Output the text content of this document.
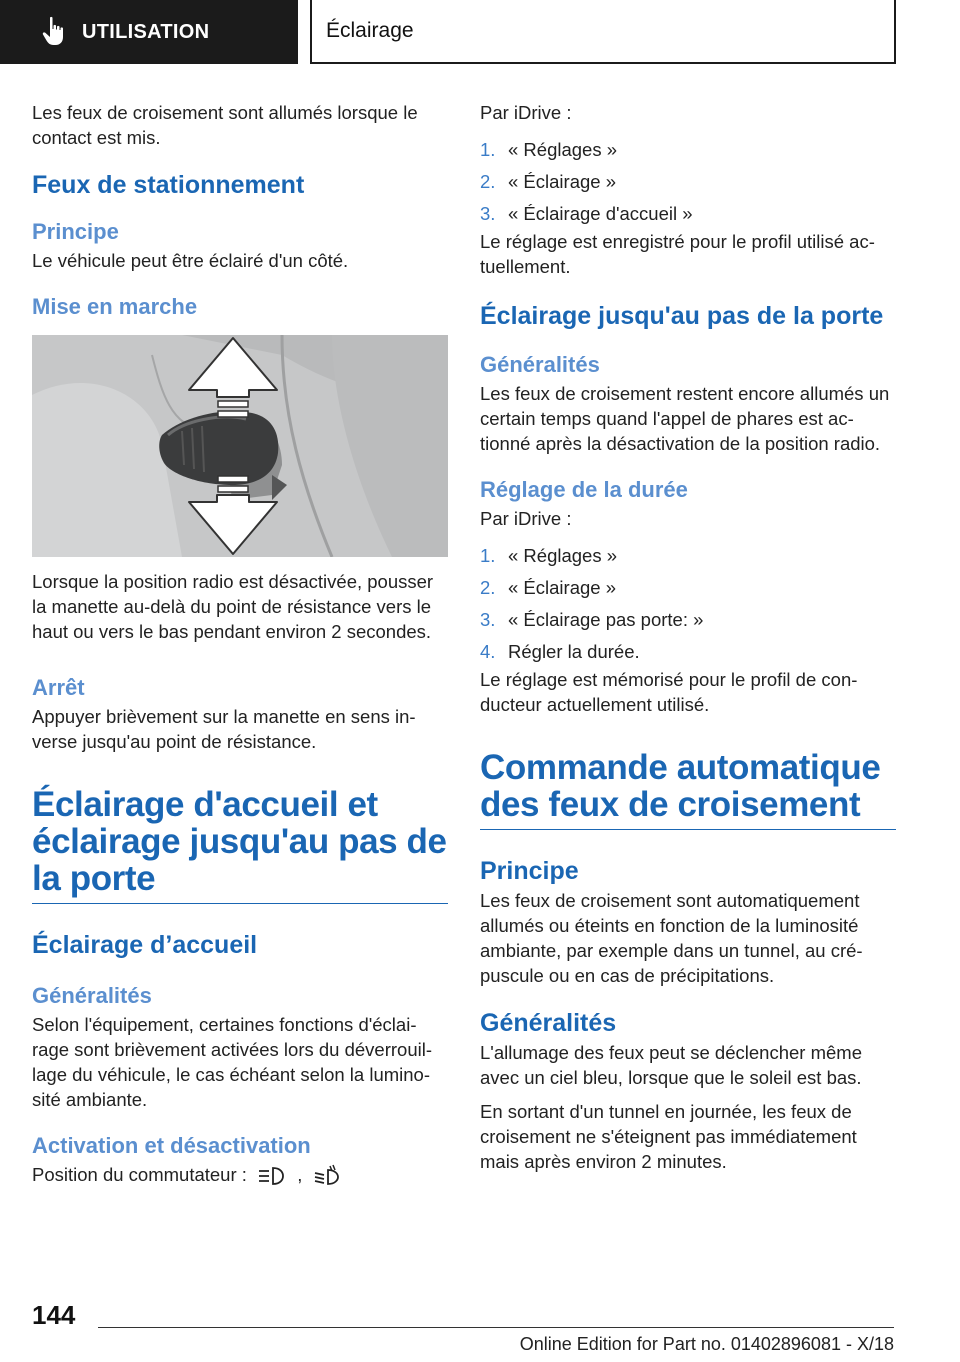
UTILISATION	Éclairage

Les feux de croisement sont allumés lorsque le contact est mis.

Feux de stationnement
Principe

Le véhicule peut être éclairé d'un côté.

Mise en marche

Lorsque la position radio est désactivée, pousser la manette au-delà du point de résistance vers le haut ou vers le bas pendant environ 2 secondes.

Arrêt

Appuyer brièvement sur la manette en sens in-verse jusqu'au point de résistance.

Éclairage d'accueil et éclairage jusqu'au pas de la porte
Éclairage d’accueil
Généralités

Selon l'équipement, certaines fonctions d'éclai-rage sont brièvement activées lors du déverrouil-lage du véhicule, le cas échéant selon la lumino-sité ambiante.

Activation et désactivation

Position du commutateur :	,

Par iDrive :

1. « Réglages »
2. « Éclairage »
3. « Éclairage d'accueil »

Le réglage est enregistré pour le profil utilisé ac-tuellement.

Éclairage jusqu'au pas de la porte
Généralités

Les feux de croisement restent encore allumés un certain temps quand l'appel de phares est ac-tionné après la désactivation de la position radio.

Réglage de la durée

Par iDrive :

1. « Réglages »
2. « Éclairage »
3. « Éclairage pas porte: »
4. Régler la durée.

Le réglage est mémorisé pour le profil de con-ducteur actuellement utilisé.

Commande automatique des feux de croisement
Principe

Les feux de croisement sont automatiquement allumés ou éteints en fonction de la luminosité ambiante, par exemple dans un tunnel, au cré-puscule ou en cas de précipitations.

Généralités

L'allumage des feux peut se déclencher même avec un ciel bleu, lorsque que le soleil est bas.

En sortant d'un tunnel en journée, les feux de croisement ne s'éteignent pas immédiatement mais après environ 2 minutes.

144
Online Edition for Part no. 01402896081 - X/18
